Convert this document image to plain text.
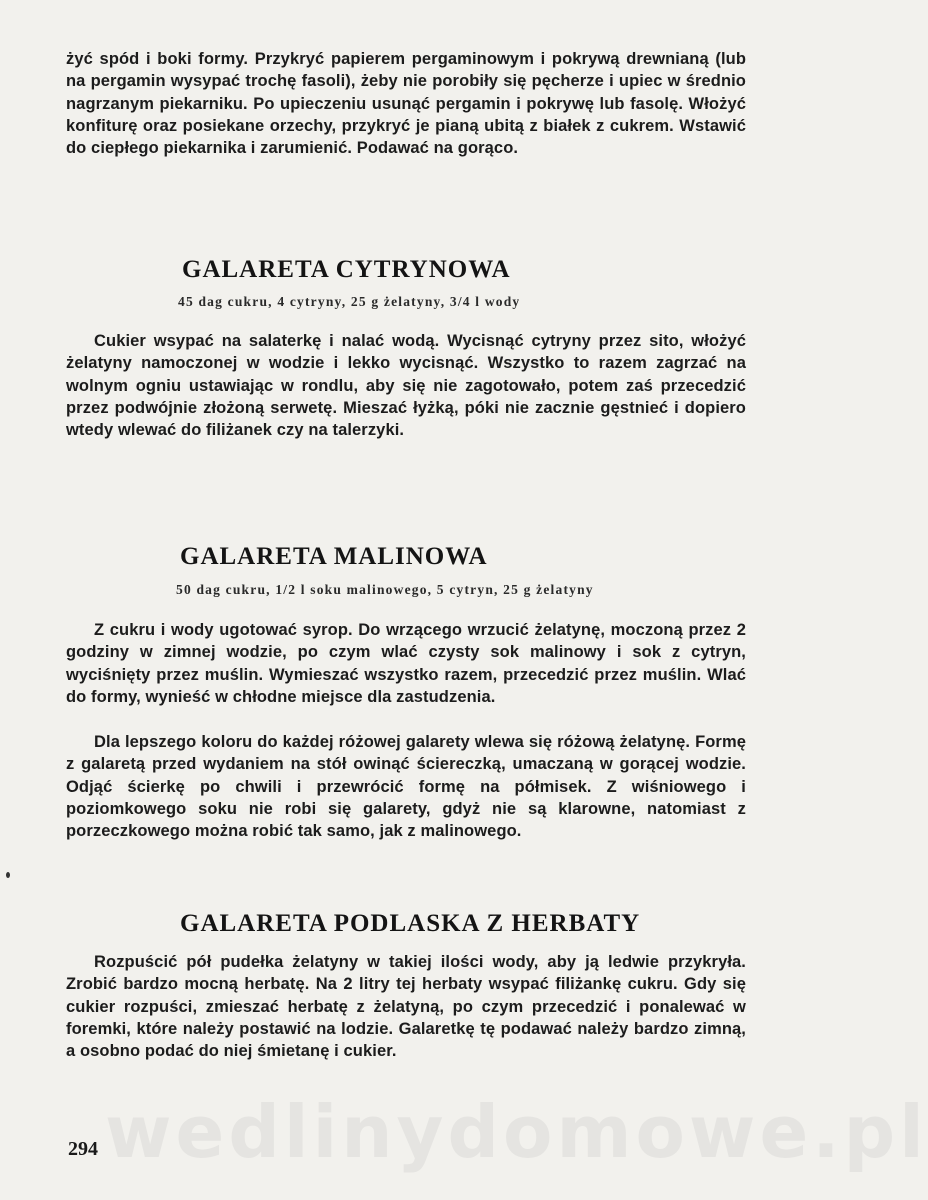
żyć spód i boki formy. Przykryć papierem pergaminowym i pokrywą drewnianą (lub na pergamin wysypać trochę fasoli), żeby nie porobiły się pęcherze i upiec w średnio nagrzanym piekarniku. Po upieczeniu usunąć pergamin i pokrywę lub fasolę. Włożyć konfiturę oraz posiekane orzechy, przykryć je pianą ubitą z białek z cukrem. Wstawić do ciepłego piekarnika i zarumienić. Podawać na gorąco.

GALARETA CYTRYNOWA
45 dag cukru, 4 cytryny, 25 g żelatyny, 3/4 l wody

Cukier wsypać na salaterkę i nalać wodą. Wycisnąć cytryny przez sito, włożyć żelatyny namoczonej w wodzie i lekko wycisnąć. Wszystko to razem zagrzać na wolnym ogniu ustawiając w rondlu, aby się nie zagotowało, potem zaś przecedzić przez podwójnie złożoną serwetę. Mieszać łyżką, póki nie zacznie gęstnieć i dopiero wtedy wlewać do filiżanek czy na talerzyki.

GALARETA MALINOWA
50 dag cukru, 1/2 l soku malinowego, 5 cytryn, 25 g żelatyny

Z cukru i wody ugotować syrop. Do wrzącego wrzucić żelatynę, moczoną przez 2 godziny w zimnej wodzie, po czym wlać czysty sok malinowy i sok z cytryn, wyciśnięty przez muślin. Wymieszać wszystko razem, przecedzić przez muślin. Wlać do formy, wynieść w chłodne miejsce dla zastudzenia.

Dla lepszego koloru do każdej różowej galarety wlewa się różową żelatynę. Formę z galaretą przed wydaniem na stół owinąć ściereczką, umaczaną w gorącej wodzie. Odjąć ścierkę po chwili i przewrócić formę na półmisek. Z wiśniowego i poziomkowego soku nie robi się galarety, gdyż nie są klarowne, natomiast z porzeczkowego można robić tak samo, jak z malinowego.

GALARETA PODLASKA Z HERBATY

Rozpuścić pół pudełka żelatyny w takiej ilości wody, aby ją ledwie przykryła. Zrobić bardzo mocną herbatę. Na 2 litry tej herbaty wsypać filiżankę cukru. Gdy się cukier rozpuści, zmieszać herbatę z żelatyną, po czym przecedzić i ponalewać w foremki, które należy postawić na lodzie. Galaretkę tę podawać należy bardzo zimną, a osobno podać do niej śmietanę i cukier.

wedlinydomowe.pl
294
